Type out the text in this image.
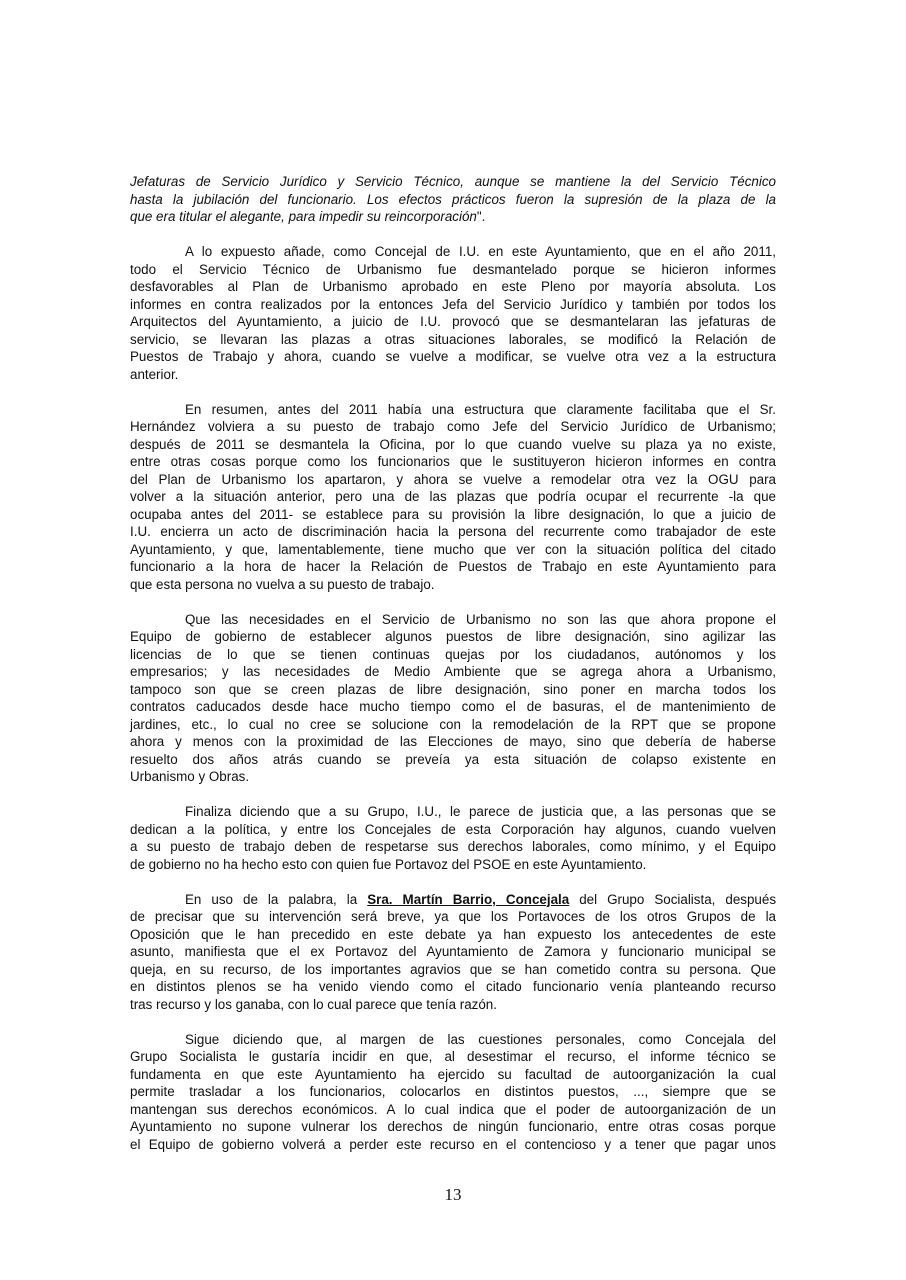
Jefaturas de Servicio Jurídico y Servicio Técnico, aunque se mantiene la del Servicio Técnico
hasta la jubilación del funcionario. Los efectos prácticos fueron la supresión de la plaza de la
que era titular el alegante, para impedir su reincorporación".
A lo expuesto añade, como Concejal de I.U. en este Ayuntamiento, que en el año 2011,
todo el Servicio Técnico de Urbanismo fue desmantelado porque se hicieron informes
desfavorables al Plan de Urbanismo aprobado en este Pleno por mayoría absoluta. Los
informes en contra realizados por la entonces Jefa del Servicio Jurídico y también por todos los
Arquitectos del Ayuntamiento, a juicio de I.U. provocó que se desmantelaran las jefaturas de
servicio, se llevaran las plazas a otras situaciones laborales, se modificó la Relación de
Puestos de Trabajo y ahora, cuando se vuelve a modificar, se vuelve otra vez a la estructura
anterior.
En resumen, antes del 2011 había una estructura que claramente facilitaba que el Sr.
Hernández volviera a su puesto de trabajo como Jefe del Servicio Jurídico de Urbanismo;
después de 2011 se desmantela la Oficina, por lo que cuando vuelve su plaza ya no existe,
entre otras cosas porque como los funcionarios que le sustituyeron hicieron informes en contra
del Plan de Urbanismo los apartaron, y ahora se vuelve a remodelar otra vez la OGU para
volver a la situación anterior, pero una de las plazas que podría ocupar el recurrente -la que
ocupaba antes del 2011- se establece para su provisión la libre designación, lo que a juicio de
I.U. encierra un acto de discriminación hacia la persona del recurrente como trabajador de este
Ayuntamiento, y que, lamentablemente, tiene mucho que ver con la situación política del citado
funcionario a la hora de hacer la Relación de Puestos de Trabajo en este Ayuntamiento para
que esta persona no vuelva a su puesto de trabajo.
Que las necesidades en el Servicio de Urbanismo no son las que ahora propone el
Equipo de gobierno de establecer algunos puestos de libre designación, sino agilizar las
licencias de lo que se tienen continuas quejas por los ciudadanos, autónomos y los
empresarios; y las necesidades de Medio Ambiente que se agrega ahora a Urbanismo,
tampoco son que se creen plazas de libre designación, sino poner en marcha todos los
contratos caducados desde hace mucho tiempo como el de basuras, el de mantenimiento de
jardines, etc., lo cual no cree se solucione con la remodelación de la RPT que se propone
ahora y menos con la proximidad de las Elecciones de mayo, sino que debería de haberse
resuelto dos años atrás cuando se preveía ya esta situación de colapso existente en
Urbanismo y Obras.
Finaliza diciendo que a su Grupo, I.U., le parece de justicia que, a las personas que se
dedican a la política, y entre los Concejales de esta Corporación hay algunos, cuando vuelven
a su puesto de trabajo deben de respetarse sus derechos laborales, como mínimo, y el Equipo
de gobierno no ha hecho esto con quien fue Portavoz del PSOE en este Ayuntamiento.
En uso de la palabra, la Sra. Martín Barrio, Concejala del Grupo Socialista, después
de precisar que su intervención será breve, ya que los Portavoces de los otros Grupos de la
Oposición que le han precedido en este debate ya han expuesto los antecedentes de este
asunto, manifiesta que el ex Portavoz del Ayuntamiento de Zamora y funcionario municipal se
queja, en su recurso, de los importantes agravios que se han cometido contra su persona. Que
en distintos plenos se ha venido viendo como el citado funcionario venía planteando recurso
tras recurso y los ganaba, con lo cual parece que tenía razón.
Sigue diciendo que, al margen de las cuestiones personales, como Concejala del
Grupo Socialista le gustaría incidir en que, al desestimar el recurso, el informe técnico se
fundamenta en que este Ayuntamiento ha ejercido su facultad de autoorganización la cual
permite trasladar a los funcionarios, colocarlos en distintos puestos, ..., siempre que se
mantengan sus derechos económicos. A lo cual indica que el poder de autoorganización de un
Ayuntamiento no supone vulnerar los derechos de ningún funcionario, entre otras cosas porque
el Equipo de gobierno volverá a perder este recurso en el contencioso y a tener que pagar unos
13
